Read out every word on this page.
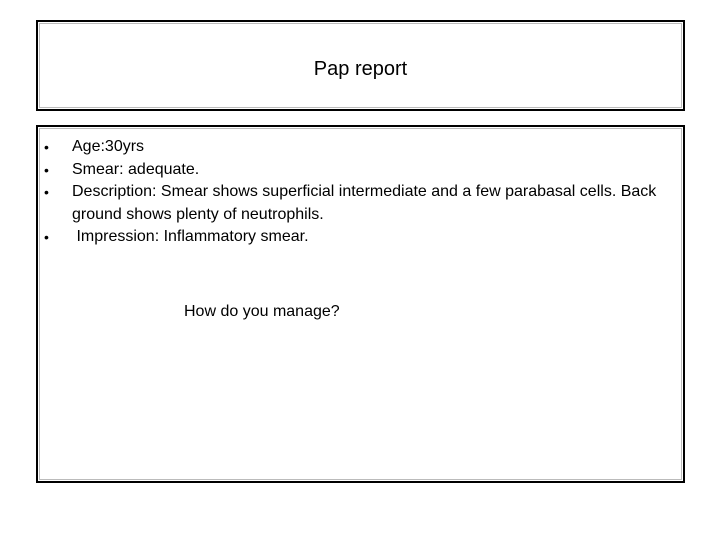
Pap report
•	Age:30yrs
•	Smear: adequate.
•	Description: Smear shows superficial intermediate and a few parabasal cells. Back ground shows plenty of neutrophils.
•	Impression: Inflammatory smear.
How do you manage?
